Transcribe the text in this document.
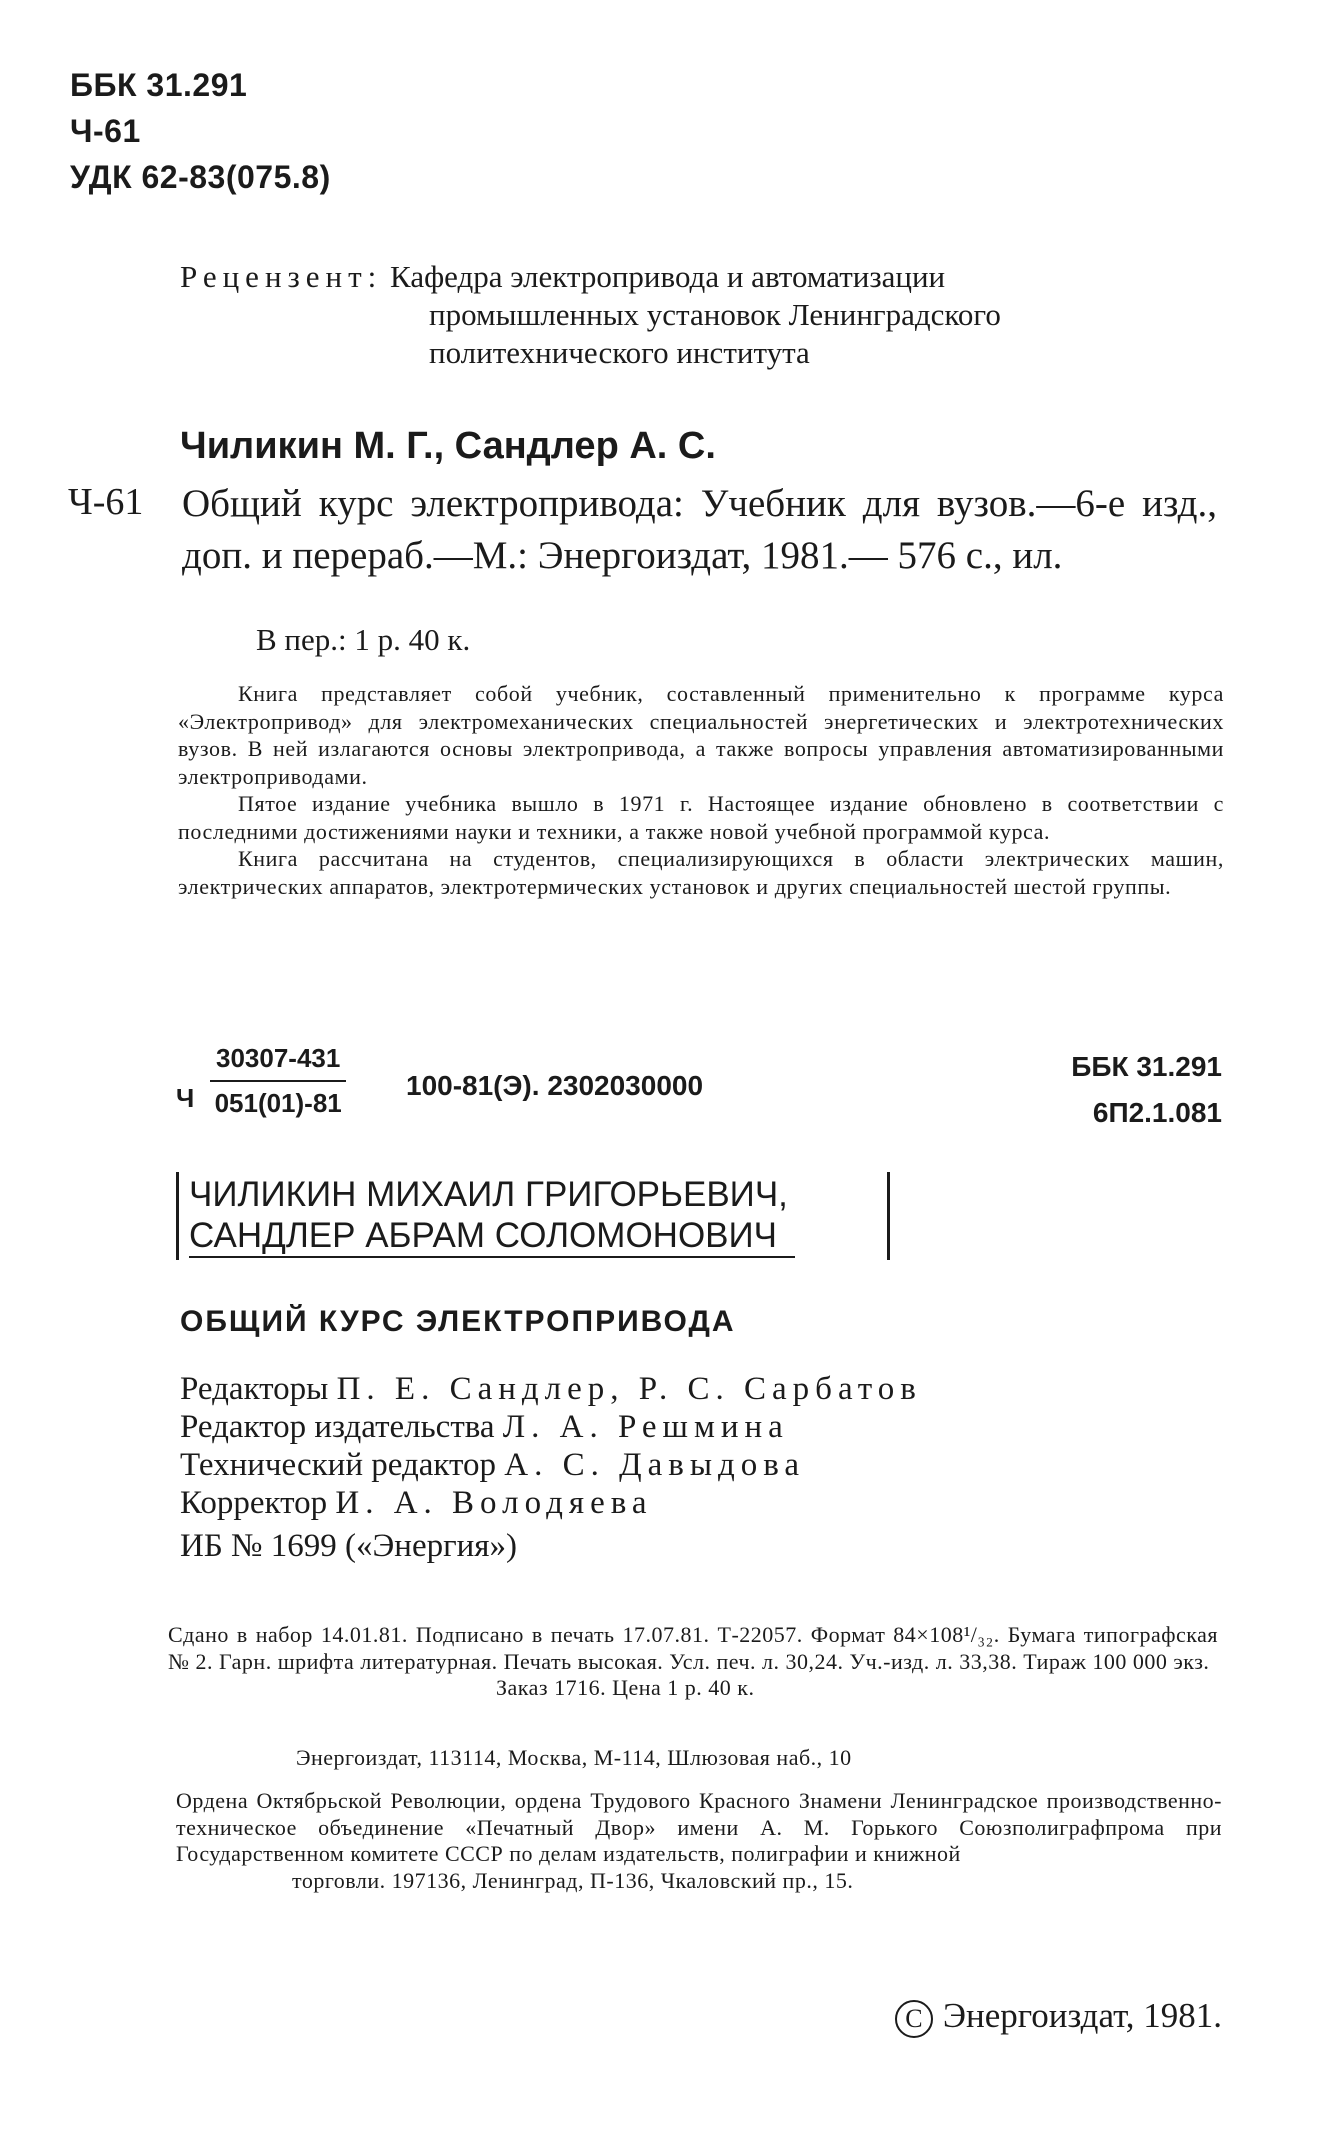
ББК 31.291
Ч-61
УДК 62-83(075.8)
Рецензент: Кафедра электропривода и автоматизации
промышленных установок Ленинградского
политехнического института
Чиликин М. Г., Сандлер А. С.
Ч-61 Общий курс электропривода: Учебник для вузов.—6-е изд., доп. и перераб.—М.: Энергоиздат, 1981.— 576 с., ил.
В пер.: 1 р. 40 к.

Книга представляет собой учебник, составленный применительно к программе курса «Электропривод» для электромеханических специальностей энергетических и электротехнических вузов. В ней излагаются основы электропривода, а также вопросы управления автоматизированными электроприводами.

Пятое издание учебника вышло в 1971 г. Настоящее издание обновлено в соответствии с последними достижениями науки и техники, а также новой учебной программой курса.

Книга рассчитана на студентов, специализирующихся в области электрических машин, электрических аппаратов, электротермических установок и других специальностей шестой группы.

Ч $\frac{30307-431}{051(01)-81} 100-81(Э)$. 2302030000
ББК 31.291
6П2.1.081
ЧИЛИКИН МИХАИЛ ГРИГОРЬЕВИЧ,
САНДЛЕР АБРАМ СОЛОМОНОВИЧ
ОБЩИЙ КУРС ЭЛЕКТРОПРИВОДА
Редакторы П. Е. Сандлер, Р. С. Сарбатов
Редактор издательства Л. А. Решмина
Технический редактор А. С. Давыдова
Корректор И. А. Володяева
ИБ № 1699 («Энергия»)
Сдано в набор 14.01.81. Подписано в печать 17.07.81. Т-22057. Формат 84×108¹/₃₂. Бумага типографская № 2. Гарн. шрифта литературная. Печать высокая. Усл. печ. л. 30,24. Уч.-изд. л. 33,38. Тираж 100 000 экз.
Заказ 1716. Цена 1 р. 40 к.
Энергоиздат, 113114, Москва, М-114, Шлюзовая наб., 10
Ордена Октябрьской Революции, ордена Трудового Красного Знамени Ленинградское производственно-техническое объединение «Печатный Двор» имени А. М. Горького Союзполиграфпрома при Государственном комитете СССР по делам издательств, полиграфии и книжной
торговли. 197136, Ленинград, П-136, Чкаловский пр., 15.
C Энергоиздат, 1981.
